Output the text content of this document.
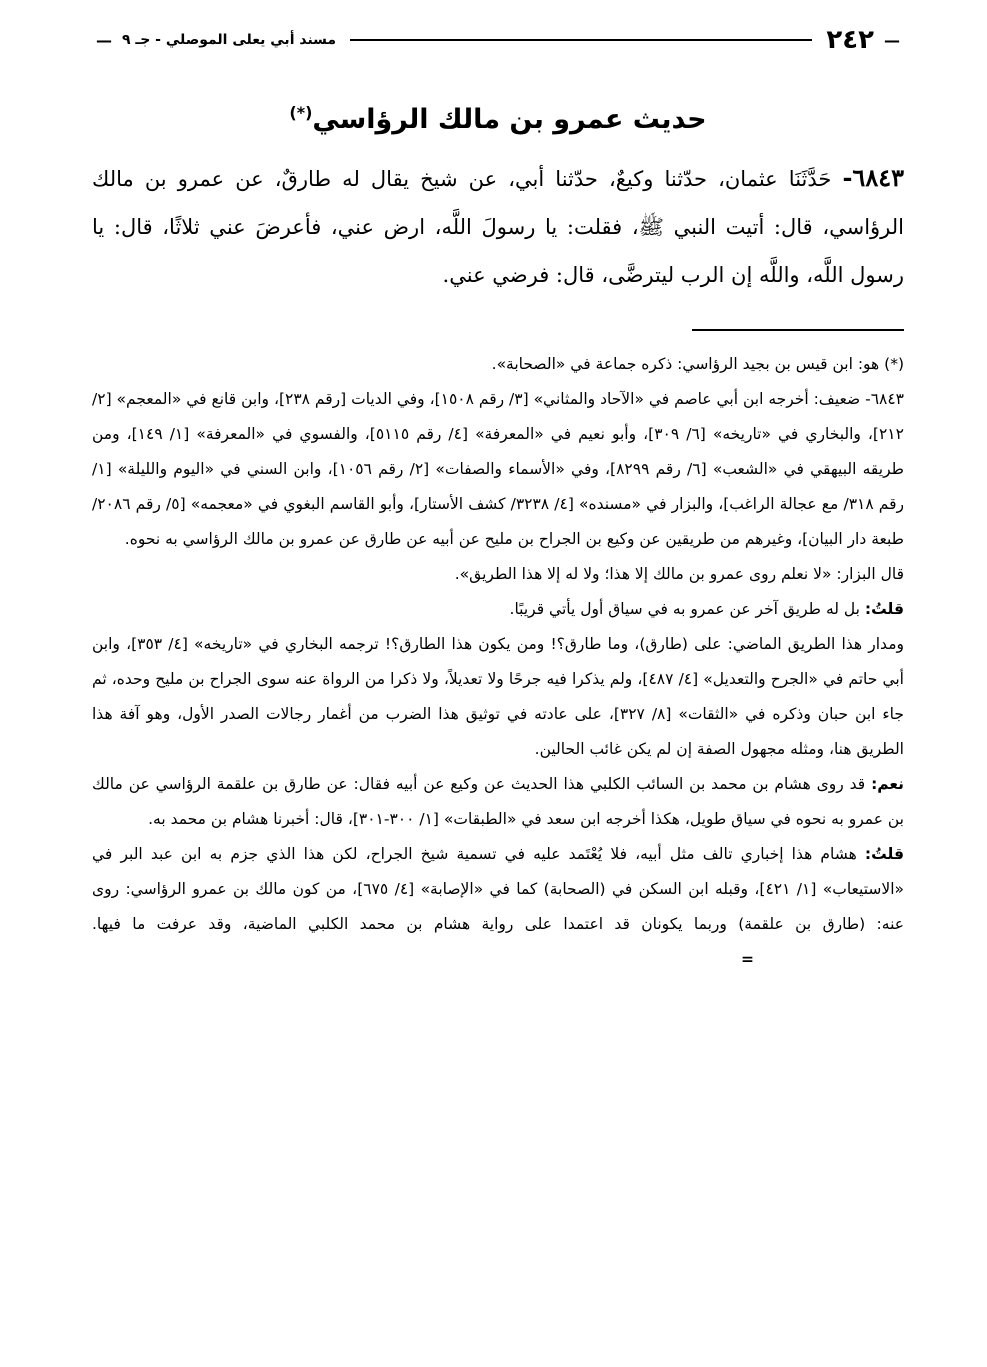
—
٢٤٢
مسند أبي يعلى الموصلي - جـ ٩
—
حديث عمرو بن مالك الرؤاسي(*)
٦٨٤٣- حَدَّثَنَا عثمان، حدّثنا وكيعٌ، حدّثنا أبي، عن شيخ يقال له طارقٌ، عن عمرو بن مالك الرؤاسي، قال: أتيت النبي ﷺ، فقلت: يا رسولَ اللَّه، ارض عني، فأعرضَ عني ثلاثًا، قال: يا رسول اللَّه، واللَّه إن الرب ليترضَّى، قال: فرضي عني.

(*) هو: ابن قيس بن بجيد الرؤاسي: ذكره جماعة في «الصحابة».

٦٨٤٣- ضعيف: أخرجه ابن أبي عاصم في «الآحاد والمثاني» [٣/ رقم ١٥٠٨]، وفي الديات [رقم ٢٣٨]، وابن قانع في «المعجم» [٢/ ٢١٢]، والبخاري في «تاريخه» [٦/ ٣٠٩]، وأبو نعيم في «المعرفة» [٤/ رقم ٥١١٥]، والفسوي في «المعرفة» [١/ ١٤٩]، ومن طريقه البيهقي في «الشعب» [٦/ رقم ٨٢٩٩]، وفي «الأسماء والصفات» [٢/ رقم ١٠٥٦]، وابن السني في «اليوم والليلة» [١/ رقم ٣١٨/ مع عجالة الراغب]، والبزار في «مسنده» [٤/ ٣٢٣٨/ كشف الأستار]، وأبو القاسم البغوي في «معجمه» [٥/ رقم ٢٠٨٦/ طبعة دار البيان]، وغيرهم من طريقين عن وكيع بن الجراح بن مليح عن أبيه عن طارق عن عمرو بن مالك الرؤاسي به نحوه.

قال البزار: «لا نعلم روى عمرو بن مالك إلا هذا؛ ولا له إلا هذا الطريق».

قلتُ: بل له طريق آخر عن عمرو به في سياق أول يأتي قريبًا.

ومدار هذا الطريق الماضي: على (طارق)، وما طارق؟! ومن يكون هذا الطارق؟! ترجمه البخاري في «تاريخه» [٤/ ٣٥٣]، وابن أبي حاتم في «الجرح والتعديل» [٤/ ٤٨٧]، ولم يذكرا فيه جرحًا ولا تعديلاً، ولا ذكرا من الرواة عنه سوى الجراح بن مليح وحده، ثم جاء ابن حبان وذكره في «الثقات» [٨/ ٣٢٧]، على عادته في توثيق هذا الضرب من أغمار رجالات الصدر الأول، وهو آفة هذا الطريق هنا، ومثله مجهول الصفة إن لم يكن غائب الحالين.

نعم: قد روى هشام بن محمد بن السائب الكلبي هذا الحديث عن وكيع عن أبيه فقال: عن طارق بن علقمة الرؤاسي عن مالك بن عمرو به نحوه في سياق طويل، هكذا أخرجه ابن سعد في «الطبقات» [١/ ٣٠٠-٣٠١]، قال: أخبرنا هشام بن محمد به.

قلتُ: هشام هذا إخباري تالف مثل أبيه، فلا يُعْتَمد عليه في تسمية شيخ الجراح، لكن هذا الذي جزم به ابن عبد البر في «الاستيعاب» [١/ ٤٢١]، وقبله ابن السكن في (الصحابة) كما في «الإصابة» [٤/ ٦٧٥]، من كون مالك بن عمرو الرؤاسي: روى عنه: (طارق بن علقمة) وربما يكونان قد اعتمدا على رواية هشام بن محمد الكلبي الماضية، وقد عرفت ما فيها. =
